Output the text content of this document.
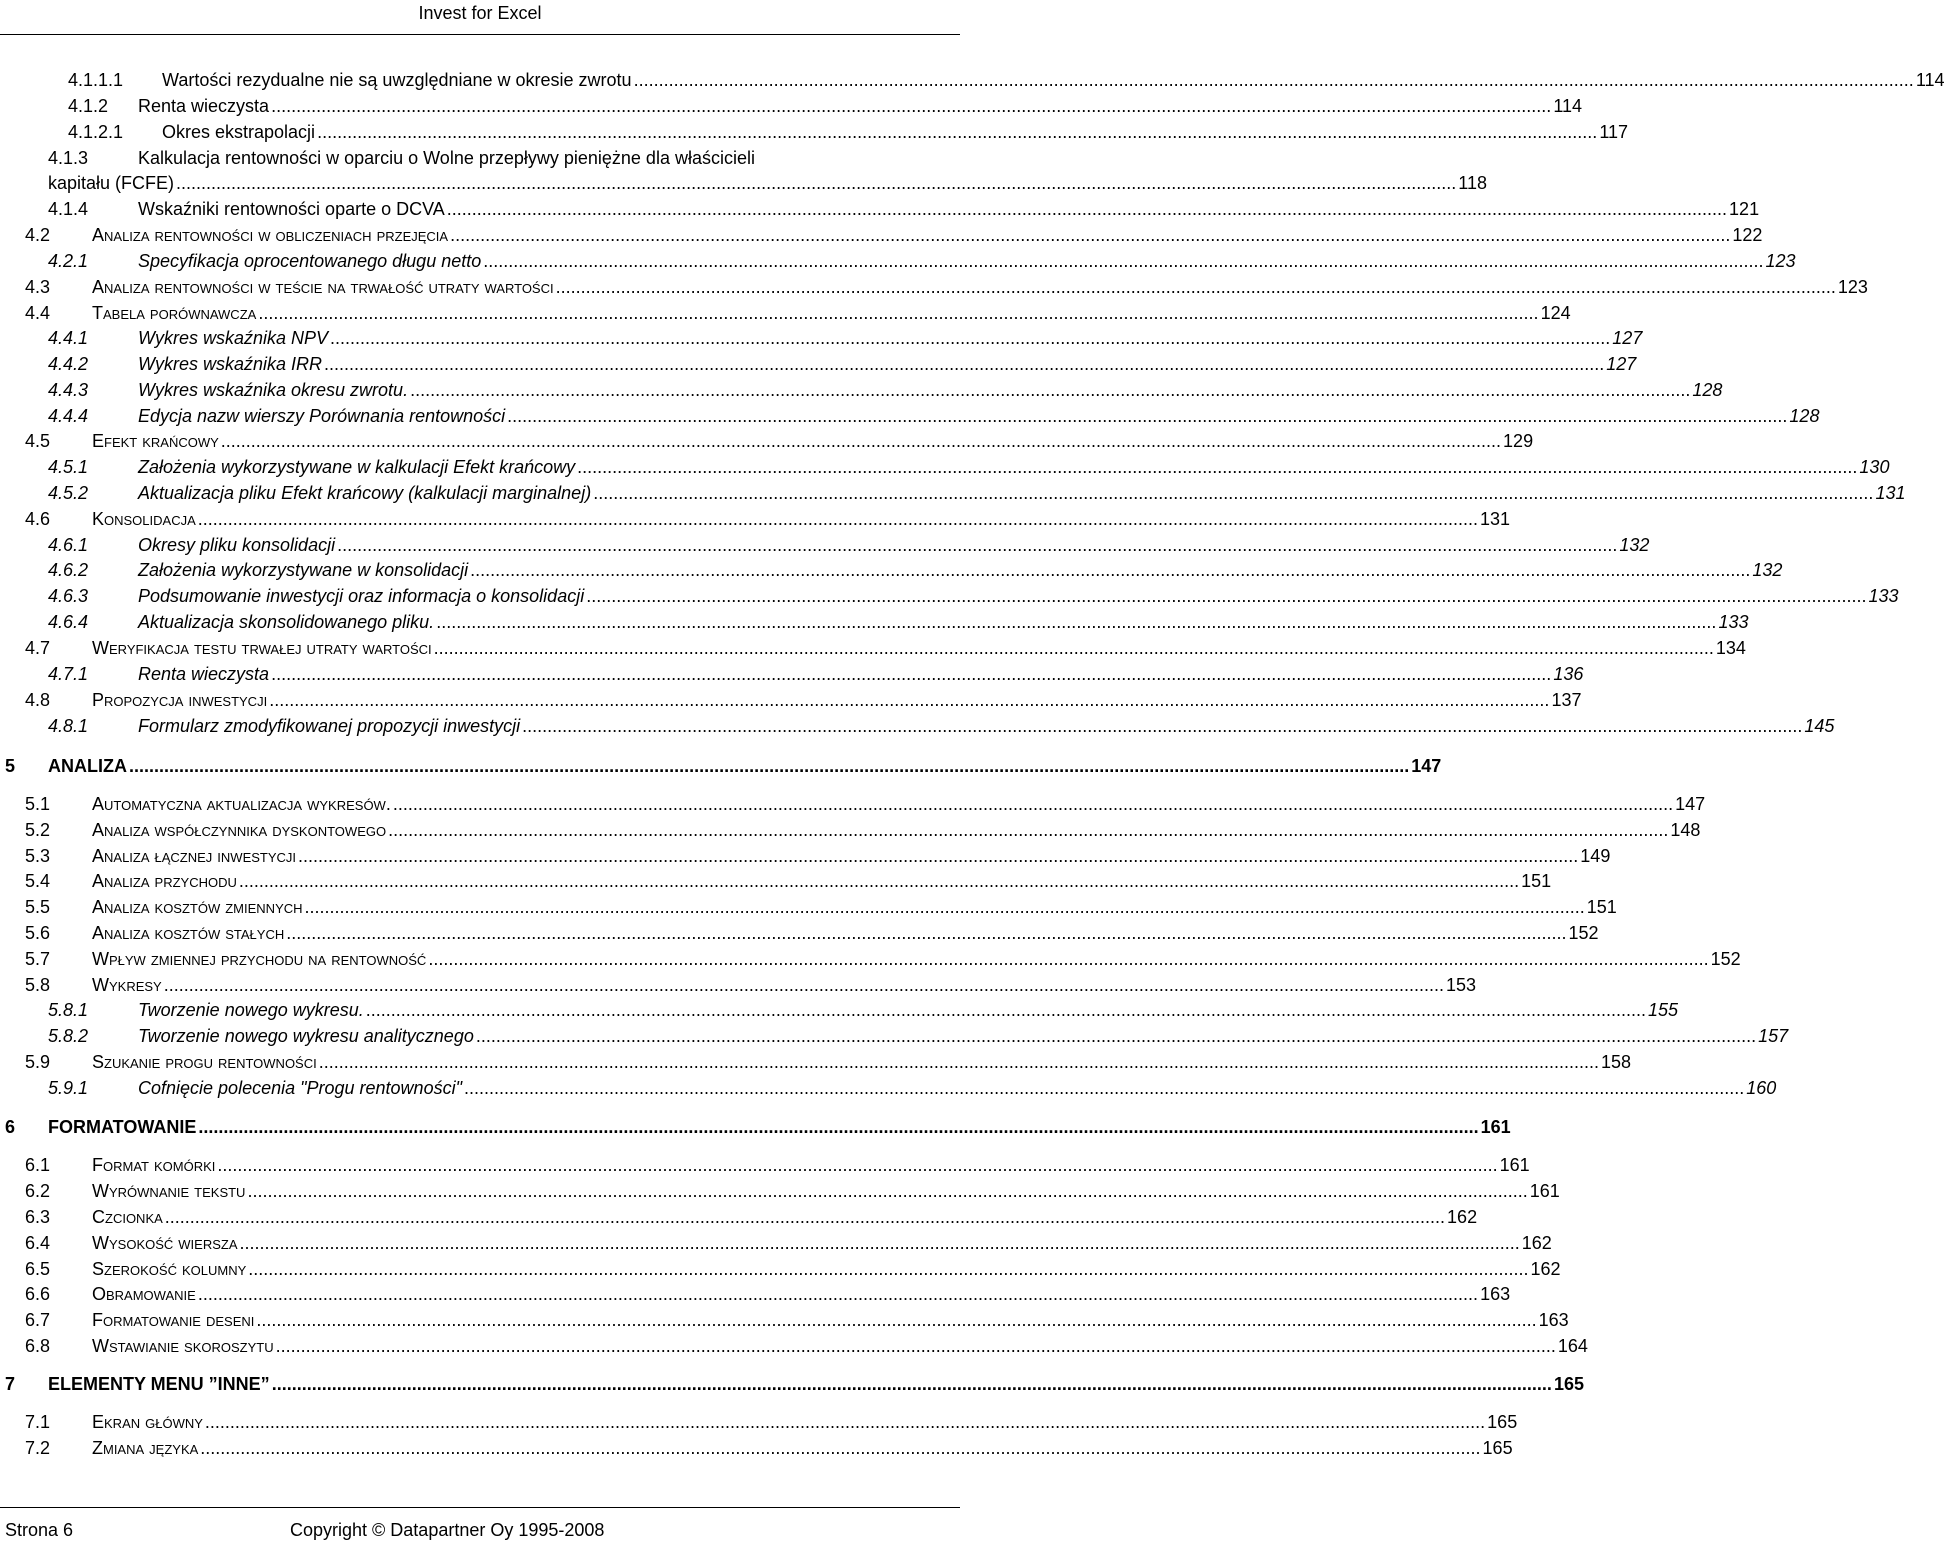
Invest for Excel
4.1.1.1	Wartości rezydualne nie są uwzględniane w okresie zwrotu .....	114
4.1.2	Renta wieczysta .....	114
4.1.2.1	Okres ekstrapolacji .....	117
4.1.3	Kalkulacja rentowności w oparciu o Wolne przepływy pieniężne dla właścicieli
kapitału (FCFE) .....	118
4.1.4	Wskaźniki rentowności oparte o DCVA .....	121
4.2	Analiza rentowności w obliczeniach przejęcia .....	122
4.2.1	Specyfikacja oprocentowanego długu netto .....	123
4.3	Analiza rentowności w teście na trwałość utraty wartości .....	123
4.4	Tabela porównawcza .....	124
4.4.1	Wykres wskaźnika NPV .....	127
4.4.2	Wykres wskaźnika IRR .....	127
4.4.3	Wykres wskaźnika okresu zwrotu. .....	128
4.4.4	Edycja nazw wierszy Porównania rentowności .....	128
4.5	Efekt krańcowy .....	129
4.5.1	Założenia wykorzystywane w kalkulacji Efekt krańcowy .....	130
4.5.2	Aktualizacja pliku Efekt krańcowy (kalkulacji marginalnej) .....	131
4.6	Konsolidacja .....	131
4.6.1	Okresy pliku konsolidacji .....	132
4.6.2	Założenia wykorzystywane w konsolidacji .....	132
4.6.3	Podsumowanie inwestycji oraz informacja o konsolidacji .....	133
4.6.4	Aktualizacja skonsolidowanego pliku. .....	133
4.7	Weryfikacja testu trwałej utraty wartości .....	134
4.7.1	Renta wieczysta .....	136
4.8	Propozycja inwestycji .....	137
4.8.1	Formularz zmodyfikowanej propozycji inwestycji .....	145
5	ANALIZA .....	147
5.1	Automatyczna aktualizacja wykresów. .....	147
5.2	Analiza współczynnika dyskontowego .....	148
5.3	Analiza łącznej inwestycji .....	149
5.4	Analiza przychodu .....	151
5.5	Analiza kosztów zmiennych .....	151
5.6	Analiza kosztów stałych .....	152
5.7	Wpływ zmiennej przychodu na rentowność .....	152
5.8	Wykresy .....	153
5.8.1	Tworzenie nowego wykresu. .....	155
5.8.2	Tworzenie nowego wykresu analitycznego .....	157
5.9	Szukanie progu rentowności .....	158
5.9.1	Cofnięcie polecenia "Progu rentowności" .....	160
6	FORMATOWANIE .....	161
6.1	Format komórki .....	161
6.2	Wyrównanie tekstu .....	161
6.3	Czcionka .....	162
6.4	Wysokość wiersza .....	162
6.5	Szerokość kolumny .....	162
6.6	Obramowanie .....	163
6.7	Formatowanie deseni .....	163
6.8	Wstawianie skoroszytu .....	164
7	ELEMENTY MENU ”INNE” .....	165
7.1	Ekran główny .....	165
7.2	Zmiana języka .....	165
Strona 6	Copyright © Datapartner Oy 1995-2008
